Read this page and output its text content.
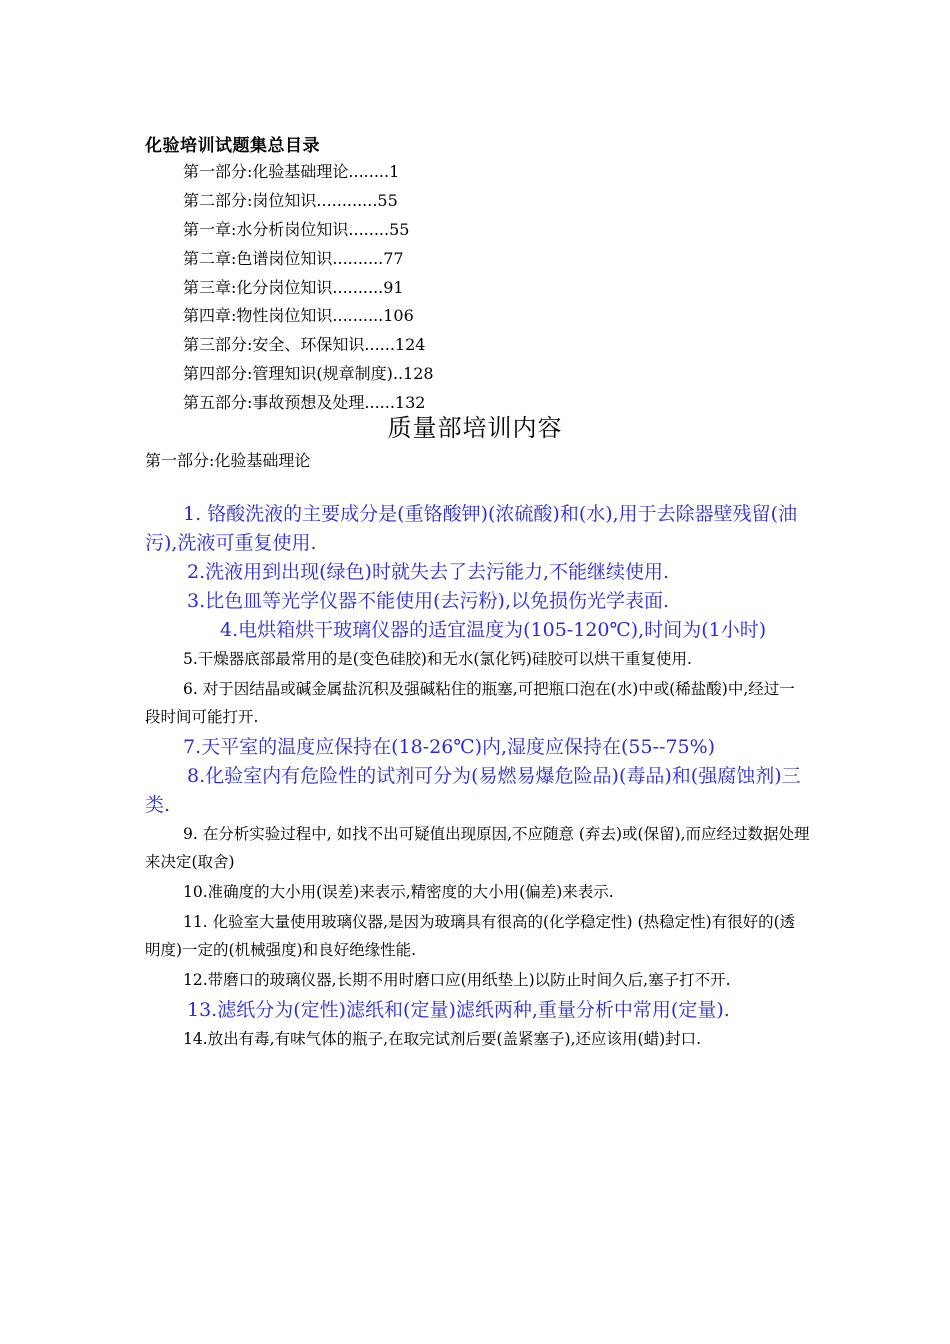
化验培训试题集总目录
第一部分:化验基础理论........1
第二部分:岗位知识............55
第一章:水分析岗位知识........55
第二章:色谱岗位知识..........77
第三章:化分岗位知识..........91
第四章:物性岗位知识..........106
第三部分:安全、环保知识......124
第四部分:管理知识(规章制度)..128
第五部分:事故预想及处理......132
质量部培训内容
第一部分:化验基础理论

1. 铬酸洗液的主要成分是(重铬酸钾)(浓硫酸)和(水),用于去除器壁残留(油污),洗液可重复使用.

2.洗液用到出现(绿色)时就失去了去污能力,不能继续使用.

3.比色皿等光学仪器不能使用(去污粉),以免损伤光学表面.

4.电烘箱烘干玻璃仪器的适宜温度为(105-120℃),时间为(1小时)

5.干燥器底部最常用的是(变色硅胶)和无水(氯化钙)硅胶可以烘干重复使用.

6. 对于因结晶或碱金属盐沉积及强碱粘住的瓶塞,可把瓶口泡在(水)中或(稀盐酸)中,经过一段时间可能打开.

7.天平室的温度应保持在(18-26℃)内,湿度应保持在(55--75%)

8.化验室内有危险性的试剂可分为(易燃易爆危险品)(毒品)和(强腐蚀剂)三类.

9. 在分析实验过程中, 如找不出可疑值出现原因,不应随意 (弃去)或(保留),而应经过数据处理来决定(取舍)

10.准确度的大小用(误差)来表示,精密度的大小用(偏差)来表示.

11. 化验室大量使用玻璃仪器,是因为玻璃具有很高的(化学稳定性) (热稳定性)有很好的(透明度)一定的(机械强度)和良好绝缘性能.

12.带磨口的玻璃仪器,长期不用时磨口应(用纸垫上)以防止时间久后,塞子打不开.

13.滤纸分为(定性)滤纸和(定量)滤纸两种,重量分析中常用(定量).

14.放出有毒,有味气体的瓶子,在取完试剂后要(盖紧塞子),还应该用(蜡)封口.
